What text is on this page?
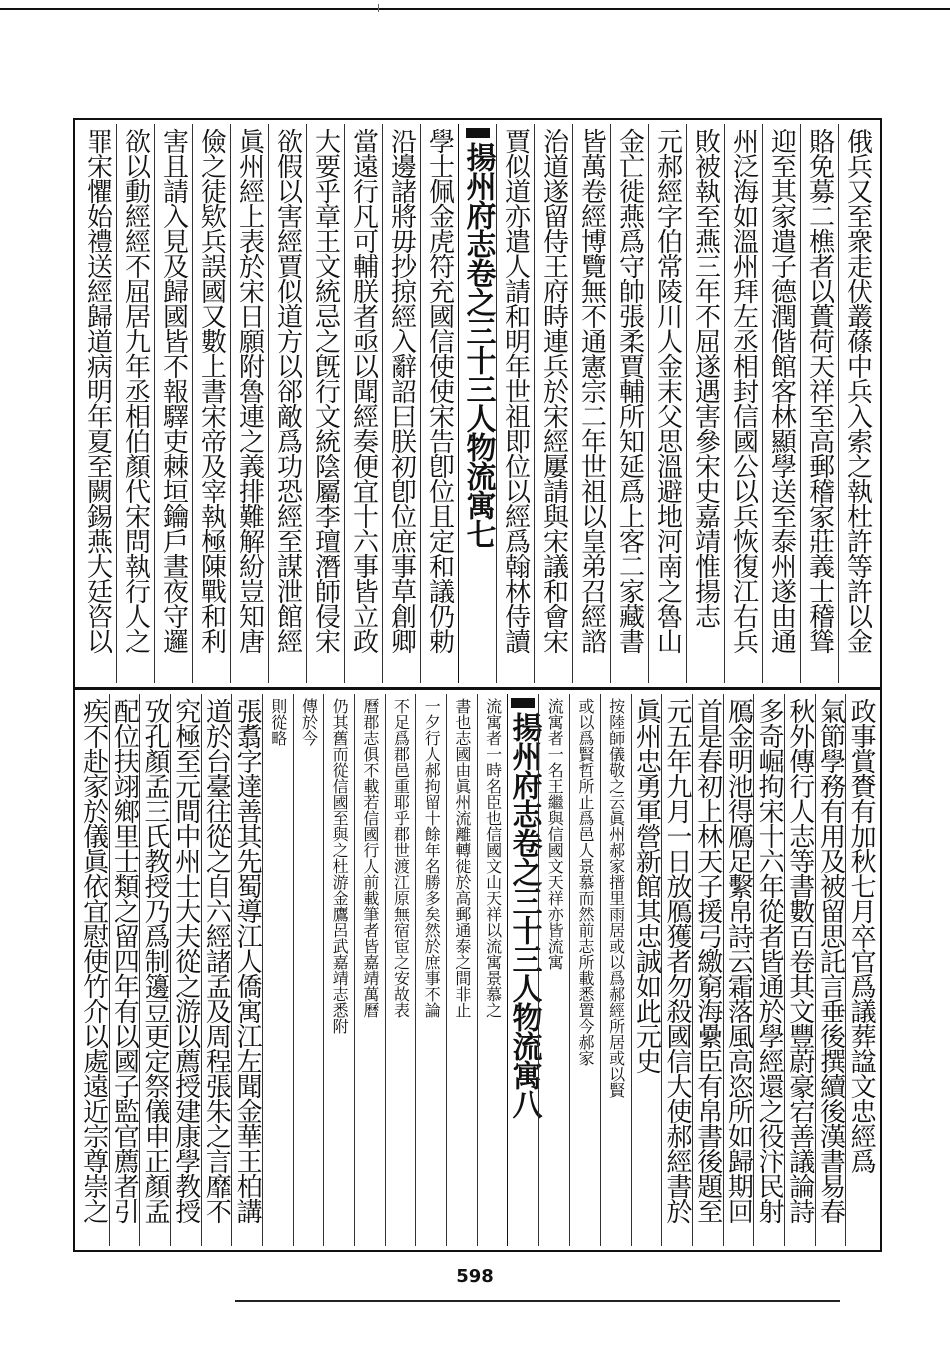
俄兵又至衆走伏叢蓧中兵入索之執杜許等許以金
賂免募二樵者以蕢荷天祥至高郵稽家莊義士稽聳
迎至其家遣子德潤偕館客林顯學送至泰州遂由通
州泛海如溫州拜左丞相封信國公以兵恢復江右兵
敗被執至燕三年不屈遂遇害參宋史嘉靖惟揚志
元郝經字伯常陵川人金末父思溫避地河南之魯山
金亡徙燕爲守帥張柔賈輔所知延爲上客二家藏書
皆萬卷經博覽無不通憲宗二年世祖以皇弟召經諮
治道遂留侍王府時連兵於宋經屢請與宋議和會宋
賈似道亦遣人請和明年世祖即位以經爲翰林侍讀
揚州府志卷之三十三人物流寓七
學士佩金虎符充國信使使宋告卽位且定和議仍勅
沿邊諸將毋抄掠經入辭詔曰朕初卽位庶事草創卿
當遠行凡可輔朕者亟以聞經奏便宜十六事皆立政
大要乎章王文統忌之旣行文統陰屬李璮潛師侵宋
欲假以害經賈似道方以郤敵爲功恐經至謀泄館經
眞州經上表於宋日願附魯連之義排難解紛豈知唐
儉之徒欵兵誤國又數上書宋帝及宰執極陳戰和利
害且請入見及歸國皆不報驛吏棘垣鑰戶晝夜守邏
欲以動經經不屈居九年丞相伯顏代宋問執行人之
罪宋懼始禮送經歸道病明年夏至闕錫燕大廷咨以
政事賞賚有加秋七月卒官爲議葬諡文忠經爲
氣節學務有用及被留思託言垂後撰續後漢書易春
秋外傳行人志等書數百卷其文豐蔚豪宕善議論詩
多奇崛拘宋十六年從者皆通於學經還之役汴民射
鴈金明池得鴈足繫帛詩云霜落風高恣所如歸期回
首是春初上林天子援弓繳窮海纍臣有帛書後題至
元五年九月一日放鴈獲者勿殺國信大使郝經書於
眞州忠勇軍營新館其忠誠如此元史
按陸師儀敬之云眞州郝家搢里雨居或以爲郝經所居或以賢
或以爲賢哲所止爲邑人景慕而然前志所載悉置今郝家
流寓者一名王繼與信國文天祥亦皆流寓
揚州府志卷之三十三人物流寓八
流寓者一時名臣也信國文山天祥以流寓景慕之
書也志國由眞州流離轉徙於高郵通泰之間非止
一夕行人郝拘留十餘年名勝多矣然於庶事不論
不足爲郡邑重耶乎郡世渡江原無宿宦之安故表
曆郡志俱不載若信國行人前載筆者皆嘉靖萬曆
仍其舊而從信國至與之杜游金鷹呂武嘉靖志悉附
傳於今
則從略
張翥字達善其先蜀導江人僑寓江左聞金華王柏講
道於台臺往從之自六經諸孟及周程張朱之言靡不
究極至元間中州士大夫從之游以薦授建康學教授
攷孔顏孟三氏教授乃爲制籩豆更定祭儀申正顏孟
配位扶翊鄉里士類之留四年有以國子監官薦者引
疾不赴家於儀眞依宜慰使竹介以處遠近宗尊崇之
598
